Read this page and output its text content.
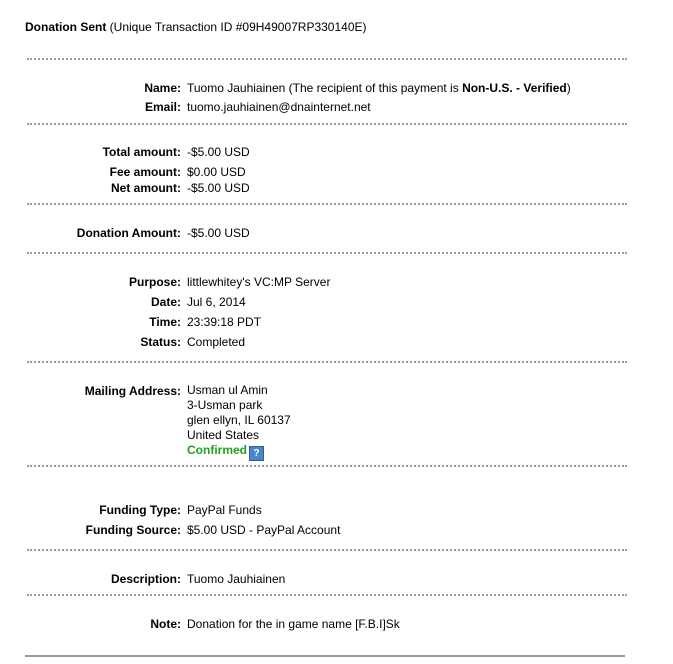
Donation Sent (Unique Transaction ID #09H49007RP330140E)
Name: Tuomo Jauhiainen (The recipient of this payment is Non-U.S. - Verified)
Email: tuomo.jauhiainen@dnainternet.net
Total amount: -$5.00 USD
Fee amount: $0.00 USD
Net amount: -$5.00 USD
Donation Amount: -$5.00 USD
Purpose: littlewhitey's VC:MP Server
Date: Jul 6, 2014
Time: 23:39:18 PDT
Status: Completed
Mailing Address: Usman ul Amin
3-Usman park
glen ellyn, IL 60137
United States
Confirmed ?
Funding Type: PayPal Funds
Funding Source: $5.00 USD - PayPal Account
Description: Tuomo Jauhiainen
Note: Donation for the in game name [F.B.I]Sk
